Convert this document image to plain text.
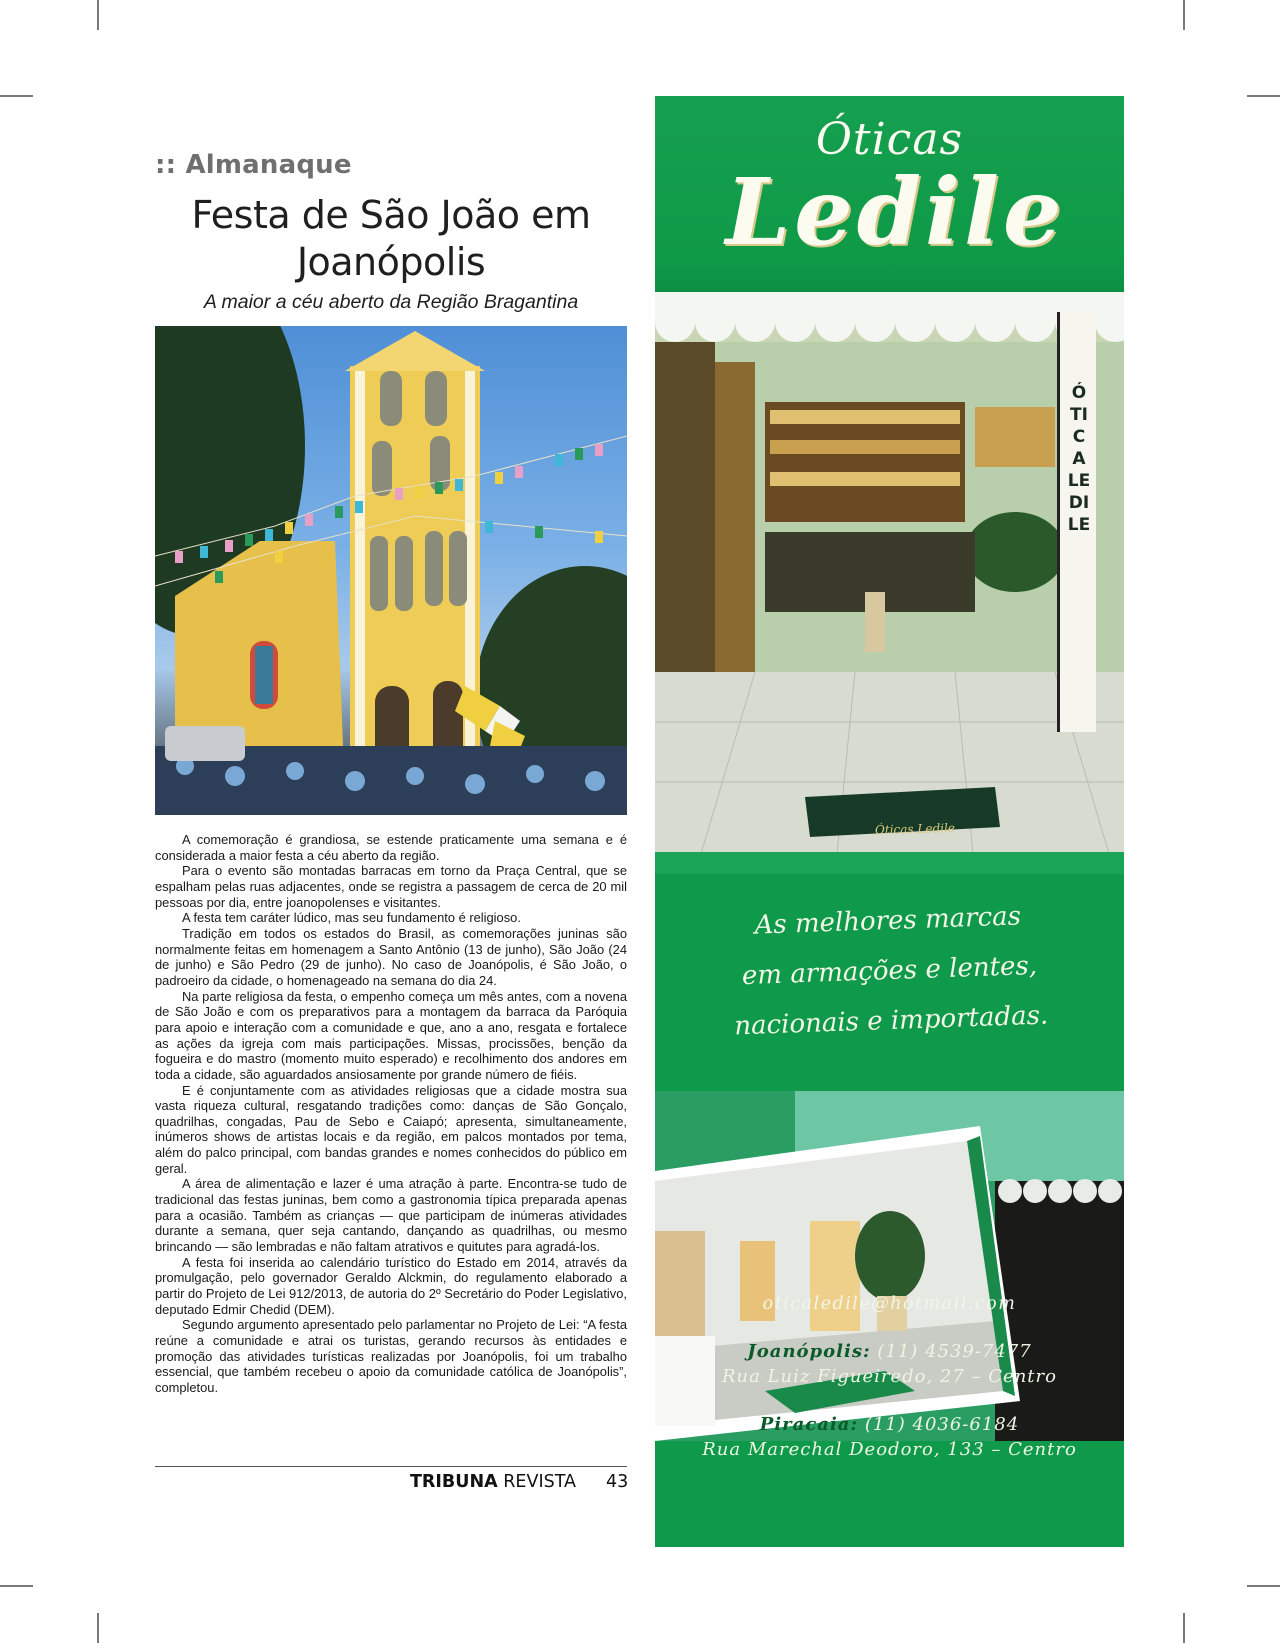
:: Almanaque
Festa de São João em Joanópolis
A maior a céu aberto da Região Bragantina

A comemoração é grandiosa, se estende praticamente uma semana e é considerada a maior festa a céu aberto da região.

Para o evento são montadas barracas em torno da Praça Central, que se espalham pelas ruas adjacentes, onde se registra a passagem de cerca de 20 mil pessoas por dia, entre joanopolenses e visitantes.

A festa tem caráter lúdico, mas seu fundamento é religioso.

Tradição em todos os estados do Brasil, as comemorações juninas são normalmente feitas em homenagem a Santo Antônio (13 de junho), São João (24 de junho) e São Pedro (29 de junho). No caso de Joanópolis, é São João, o padroeiro da cidade, o homenageado na semana do dia 24.

Na parte religiosa da festa, o empenho começa um mês antes, com a novena de São João e com os preparativos para a montagem da barraca da Paróquia para apoio e interação com a comunidade e que, ano a ano, resgata e fortalece as ações da igreja com mais participações. Missas, procissões, benção da fogueira e do mastro (momento muito esperado) e recolhimento dos andores em toda a cidade, são aguardados ansiosamente por grande número de fiéis.

E é conjuntamente com as atividades religiosas que a cidade mostra sua vasta riqueza cultural, resgatando tradições como: danças de São Gonçalo, quadrilhas, congadas, Pau de Sebo e Caiapó; apresenta, simultaneamente, inúmeros shows de artistas locais e da região, em palcos montados por tema, além do palco principal, com bandas grandes e nomes conhecidos do público em geral.

A área de alimentação e lazer é uma atração à parte. Encontra-se tudo de tradicional das festas juninas, bem como a gastronomia típica preparada apenas para a ocasião. Também as crianças — que participam de inúmeras atividades durante a semana, quer seja cantando, dançando as quadrilhas, ou mesmo brincando — são lembradas e não faltam atrativos e quitutes para agradá-los.

A festa foi inserida ao calendário turístico do Estado em 2014, através da promulgação, pelo governador Geraldo Alckmin, do regulamento elaborado a partir do Projeto de Lei 912/2013, de autoria do 2º Secretário do Poder Legislativo, deputado Edmir Chedid (DEM).

Segundo argumento apresentado pelo parlamentar no Projeto de Lei: “A festa reúne a comunidade e atrai os turistas, gerando recursos às entidades e promoção das atividades turísticas realizadas por Joanópolis, foi um trabalho essencial, que também recebeu o apoio da comunidade católica de Joanópolis”, completou.

TRIBUNA REVISTA 43
Óticas
Ledile
ÓTICA LEDILE
Óticas Ledile
As melhores marcas
em armações e lentes,
nacionais e importadas.
oticaledile@hotmail.com
Joanópolis: (11) 4539-7477
Rua Luiz Figueiredo, 27 – Centro
Piracaia: (11) 4036-6184
Rua Marechal Deodoro, 133 – Centro
